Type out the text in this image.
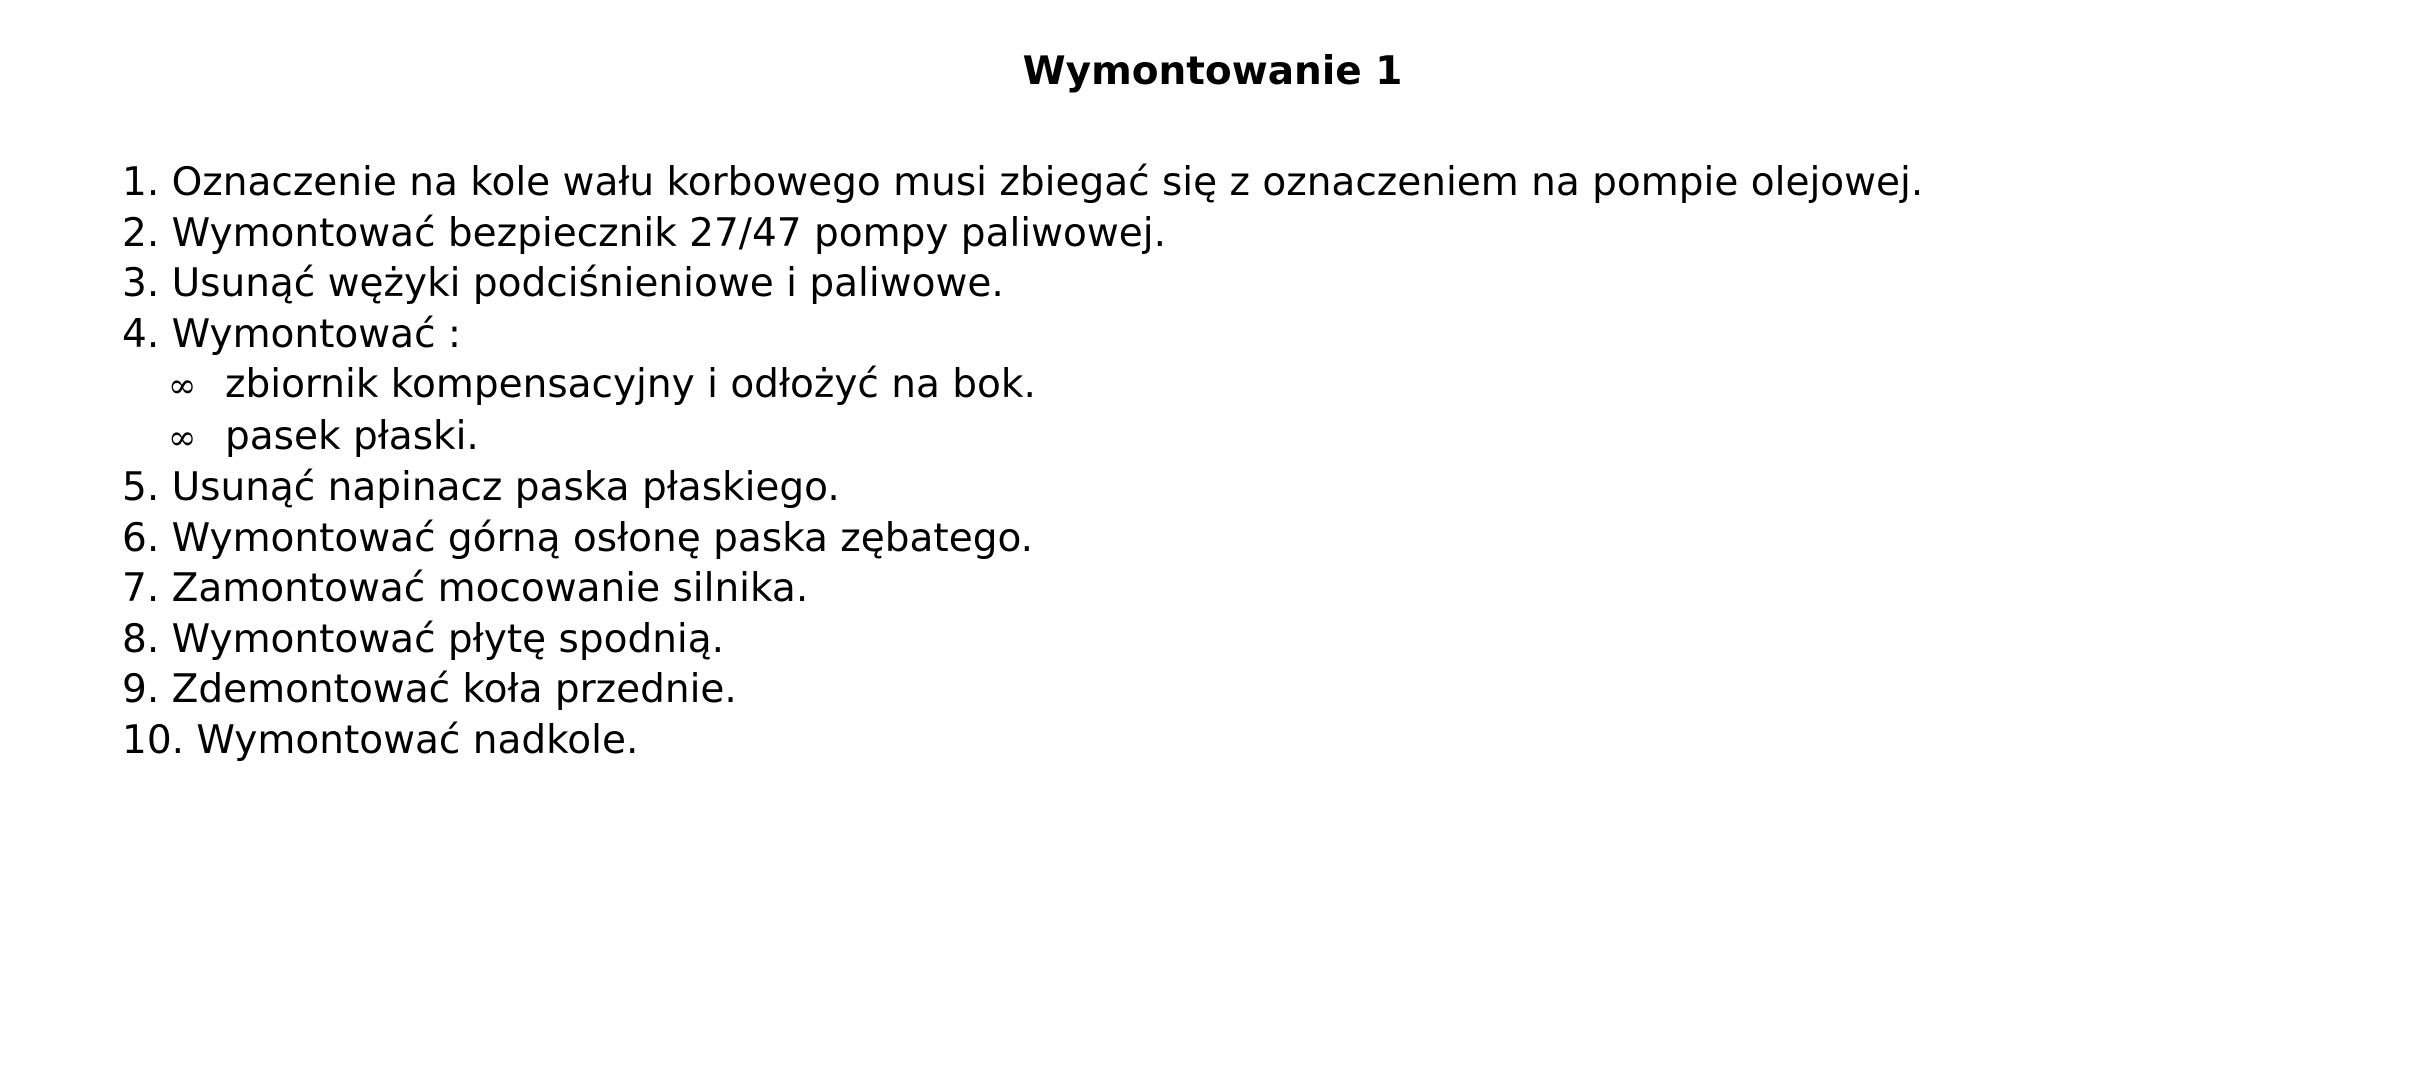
Wymontowanie 1
1. Oznaczenie na kole wału korbowego musi zbiegać się z oznaczeniem na pompie olejowej.
2. Wymontować bezpiecznik 27/47 pompy paliwowej.
3. Usunąć wężyki podciśnieniowe i paliwowe.
4. Wymontować :
∞ zbiornik kompensacyjny i odłożyć na bok.
∞ pasek płaski.
5. Usunąć napinacz paska płaskiego.
6. Wymontować górną osłonę paska zębatego.
7. Zamontować mocowanie silnika.
8. Wymontować płytę spodnią.
9. Zdemontować koła przednie.
10. Wymontować nadkole.
